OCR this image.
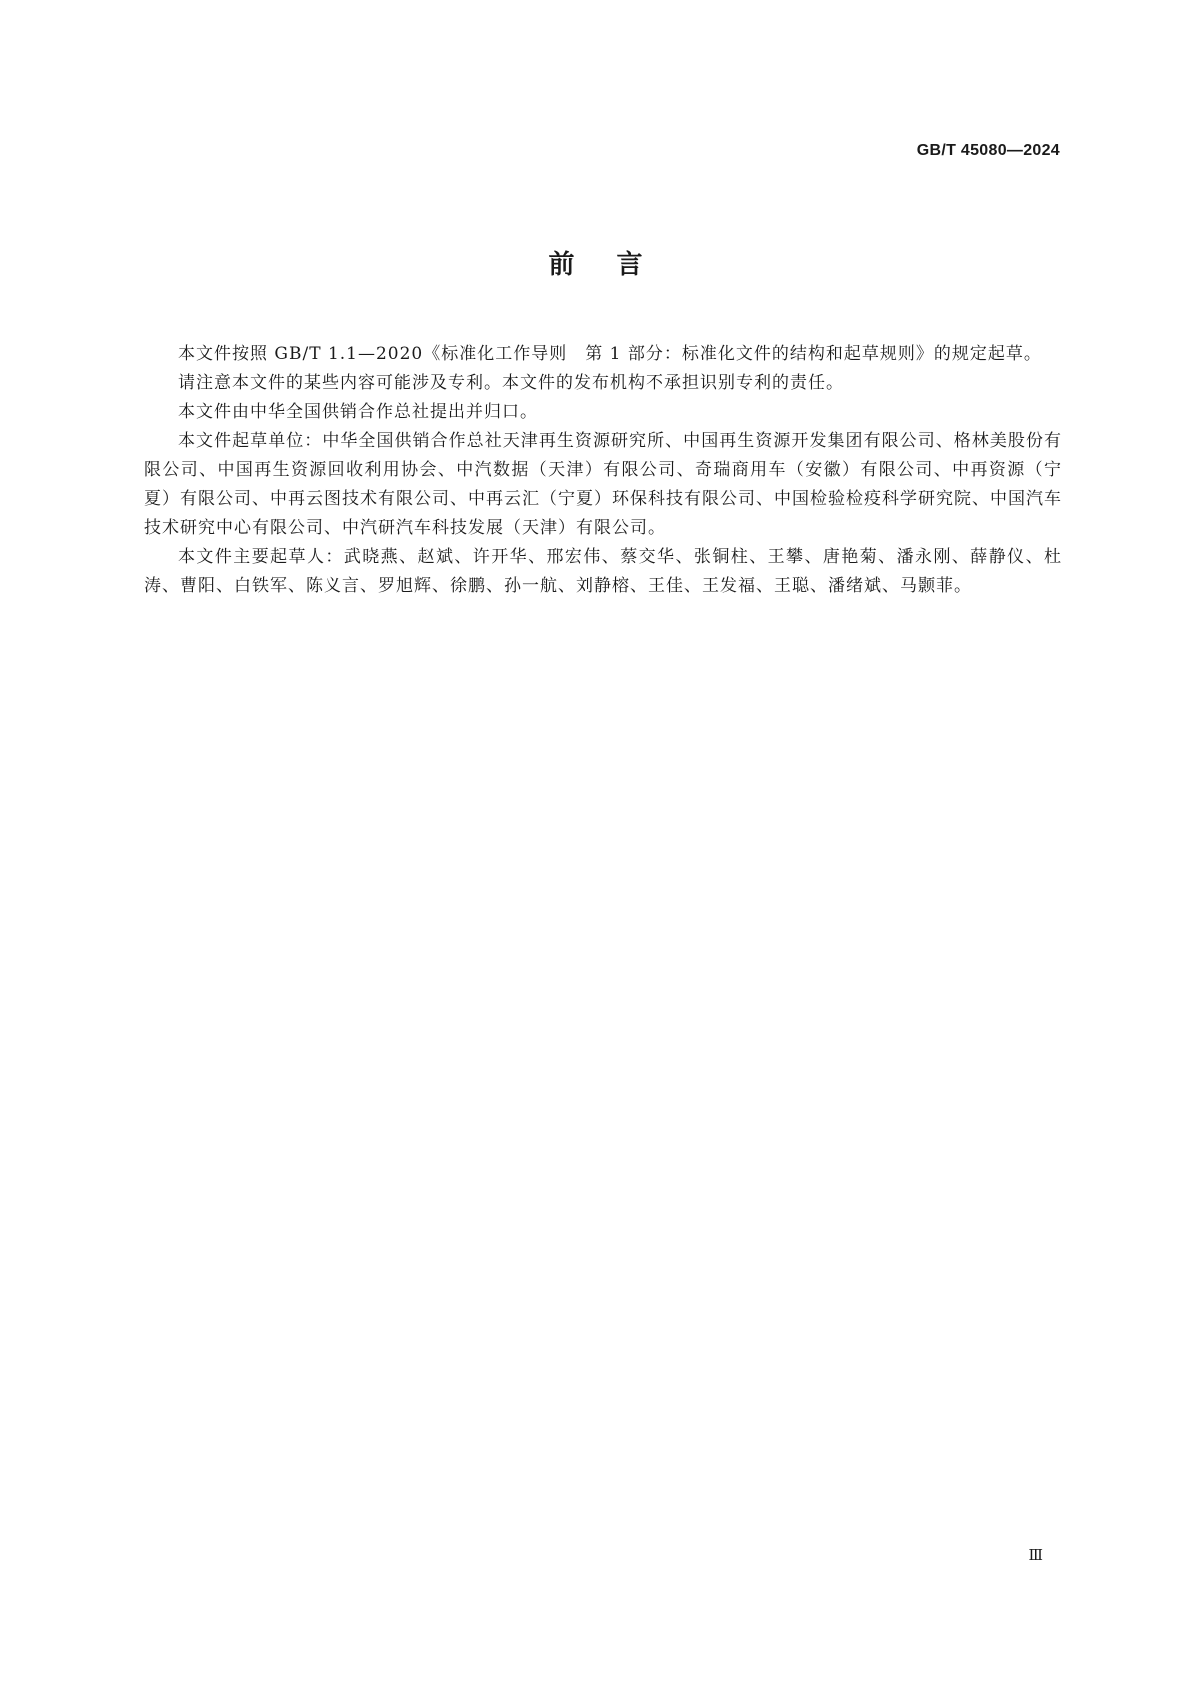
GB/T 45080—2024
前言

本文件按照 GB/T 1.1—2020《标准化工作导则　第 1 部分：标准化文件的结构和起草规则》的规定起草。

请注意本文件的某些内容可能涉及专利。本文件的发布机构不承担识别专利的责任。

本文件由中华全国供销合作总社提出并归口。

本文件起草单位：中华全国供销合作总社天津再生资源研究所、中国再生资源开发集团有限公司、格林美股份有限公司、中国再生资源回收利用协会、中汽数据（天津）有限公司、奇瑞商用车（安徽）有限公司、中再资源（宁夏）有限公司、中再云图技术有限公司、中再云汇（宁夏）环保科技有限公司、中国检验检疫科学研究院、中国汽车技术研究中心有限公司、中汽研汽车科技发展（天津）有限公司。

本文件主要起草人：武晓燕、赵斌、许开华、邢宏伟、蔡交华、张铜柱、王攀、唐艳菊、潘永刚、薛静仪、杜涛、曹阳、白铁军、陈义言、罗旭辉、徐鹏、孙一航、刘静榕、王佳、王发福、王聪、潘绪斌、马颢菲。

Ⅲ
